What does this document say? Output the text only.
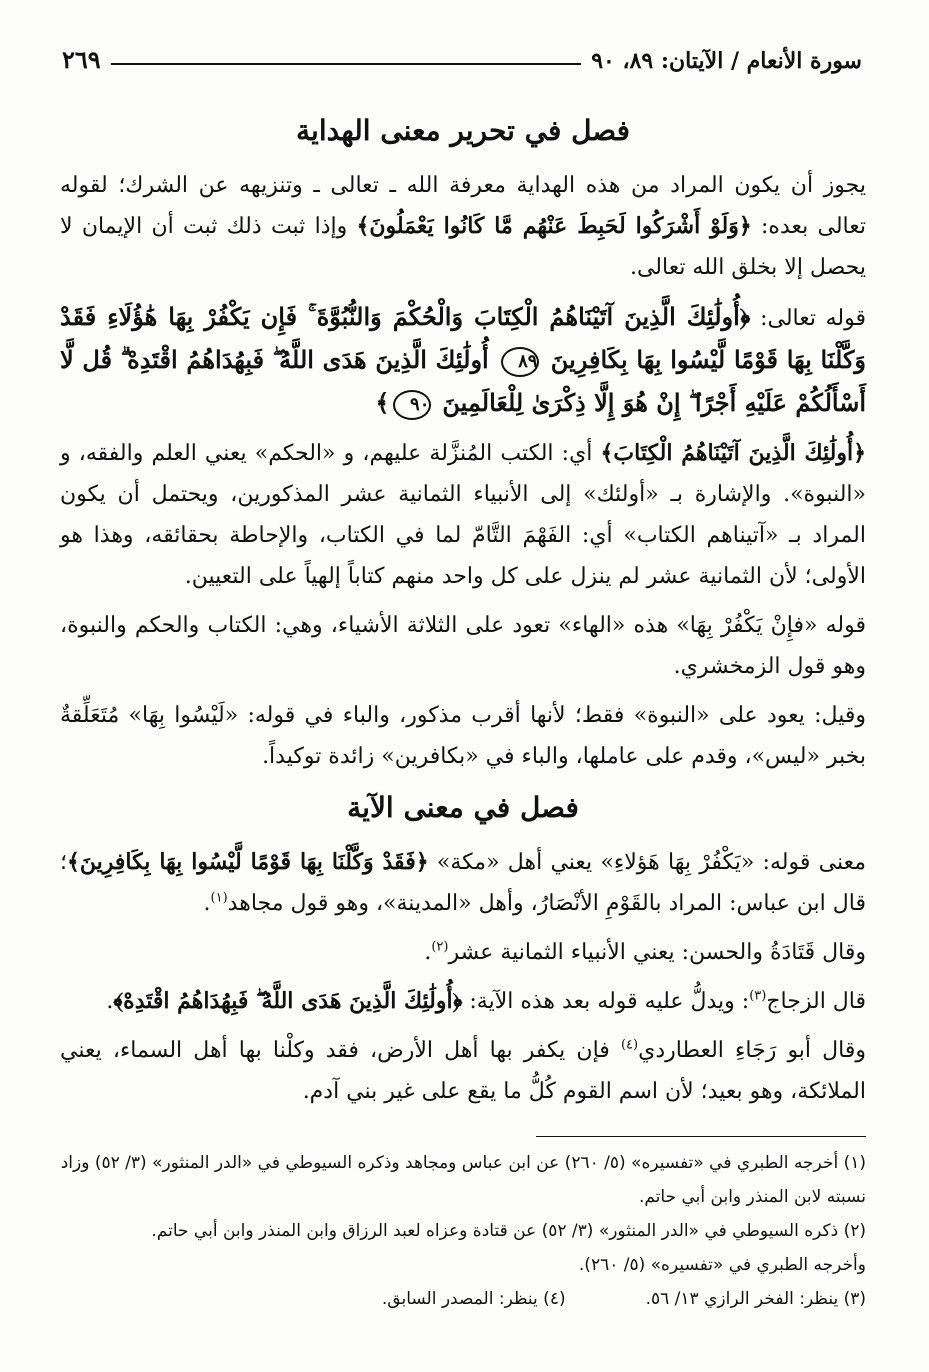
سورة الأنعام / الآيتان: ٨٩، ٩٠
٢٦٩
فصل في تحرير معنى الهداية

يجوز أن يكون المراد من هذه الهداية معرفة الله ـ تعالى ـ وتنزيهه عن الشرك؛ لقوله تعالى بعده: ﴿وَلَوْ أَشْرَكُوا لَحَبِطَ عَنْهُم مَّا كَانُوا يَعْمَلُونَ﴾ وإذا ثبت ذلك ثبت أن الإيمان لا يحصل إلا بخلق الله تعالى.

قوله تعالى: ﴿أُولَٰئِكَ الَّذِينَ آتَيْنَاهُمُ الْكِتَابَ وَالْحُكْمَ وَالنُّبُوَّةَ ۚ فَإِن يَكْفُرْ بِهَا هَٰؤُلَاءِ فَقَدْ وَكَّلْنَا بِهَا قَوْمًا لَّيْسُوا بِهَا بِكَافِرِينَ ٨٩ أُولَٰئِكَ الَّذِينَ هَدَى اللَّهُ ۖ فَبِهُدَاهُمُ اقْتَدِهْ ۗ قُل لَّا أَسْأَلُكُمْ عَلَيْهِ أَجْرًا ۖ إِنْ هُوَ إِلَّا ذِكْرَىٰ لِلْعَالَمِينَ ٩٠﴾

﴿أُولَٰئِكَ الَّذِينَ آتَيْنَاهُمُ الْكِتَابَ﴾ أي: الكتب المُنزَّلة عليهم، و «الحكم» يعني العلم والفقه، و «النبوة». والإشارة بـ «أولئك» إلى الأنبياء الثمانية عشر المذكورين، ويحتمل أن يكون المراد بـ «آتيناهم الكتاب» أي: الفَهْمَ التَّامّ لما في الكتاب، والإحاطة بحقائقه، وهذا هو الأولى؛ لأن الثمانية عشر لم ينزل على كل واحد منهم كتاباً إلهياً على التعيين.

قوله «فإِنْ يَكْفُرْ بِهَا» هذه «الهاء» تعود على الثلاثة الأشياء، وهي: الكتاب والحكم والنبوة، وهو قول الزمخشري.

وقيل: يعود على «النبوة» فقط؛ لأنها أقرب مذكور، والباء في قوله: «لَيْسُوا بِهَا» مُتَعَلِّقةٌ بخبر «ليس»، وقدم على عاملها، والباء في «بكافرين» زائدة توكيداً.

فصل في معنى الآية

معنى قوله: «يَكْفُرْ بِهَا هَؤلاءِ» يعني أهل «مكة» ﴿فَقَدْ وَكَّلْنَا بِهَا قَوْمًا لَّيْسُوا بِهَا بِكَافِرِينَ﴾؛ قال ابن عباس: المراد بالقَوْمِ الأنْصَارُ، وأهل «المدينة»، وهو قول مجاهد$^{(١)}$.

وقال قَتَادَةُ والحسن: يعني الأنبياء الثمانية عشر$^{(٢)}$.

قال الزجاج$^{(٣)}$: ويدلُّ عليه قوله بعد هذه الآية: ﴿أُولَٰئِكَ الَّذِينَ هَدَى اللَّهُ ۖ فَبِهُدَاهُمُ اقْتَدِهْ﴾.

وقال أبو رَجَاءِ العطاردي$^{(٤)}$ فإن يكفر بها أهل الأرض، فقد وكلْنا بها أهل السماء، يعني الملائكة، وهو بعيد؛ لأن اسم القوم كُلُّ ما يقع على غير بني آدم.

(١) أخرجه الطبري في «تفسيره» (٥/ ٢٦٠) عن ابن عباس ومجاهد وذكره السيوطي في «الدر المنثور» (٣/ ٥٢) وزاد نسبته لابن المنذر وابن أبي حاتم.
(٢) ذكره السيوطي في «الدر المنثور» (٣/ ٥٢) عن قتادة وعزاه لعبد الرزاق وابن المنذر وابن أبي حاتم.
وأخرجه الطبري في «تفسيره» (٥/ ٢٦٠).
(٣) ينظر: الفخر الرازي ١٣/ ٥٦.
(٤) ينظر: المصدر السابق.
